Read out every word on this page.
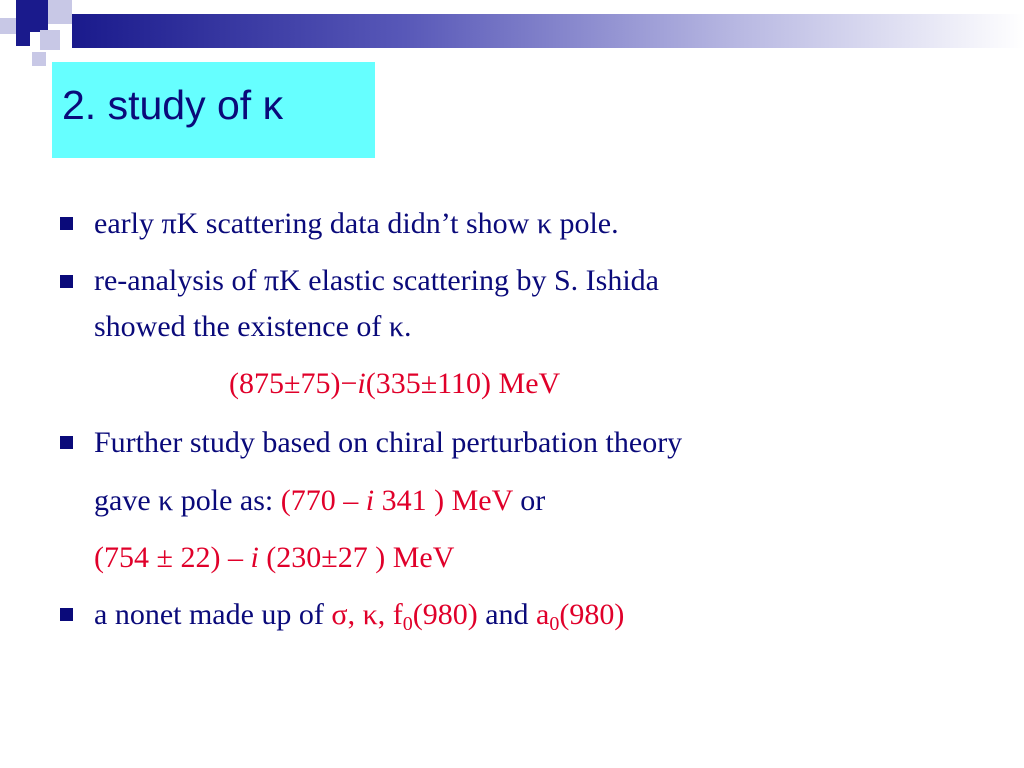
2. study of κ
early πK scattering data didn’t show κ pole.
re-analysis of πK elastic scattering by S. Ishida
showed the existence of κ.
(875±75)−i(335±110) MeV
Further study based on chiral perturbation theory
gave κ pole as: (770 – i 341 ) MeV or
(754 ± 22) – i (230±27 ) MeV
a nonet made up of σ, κ, $f_0(980)$ and $a_0(980)$
